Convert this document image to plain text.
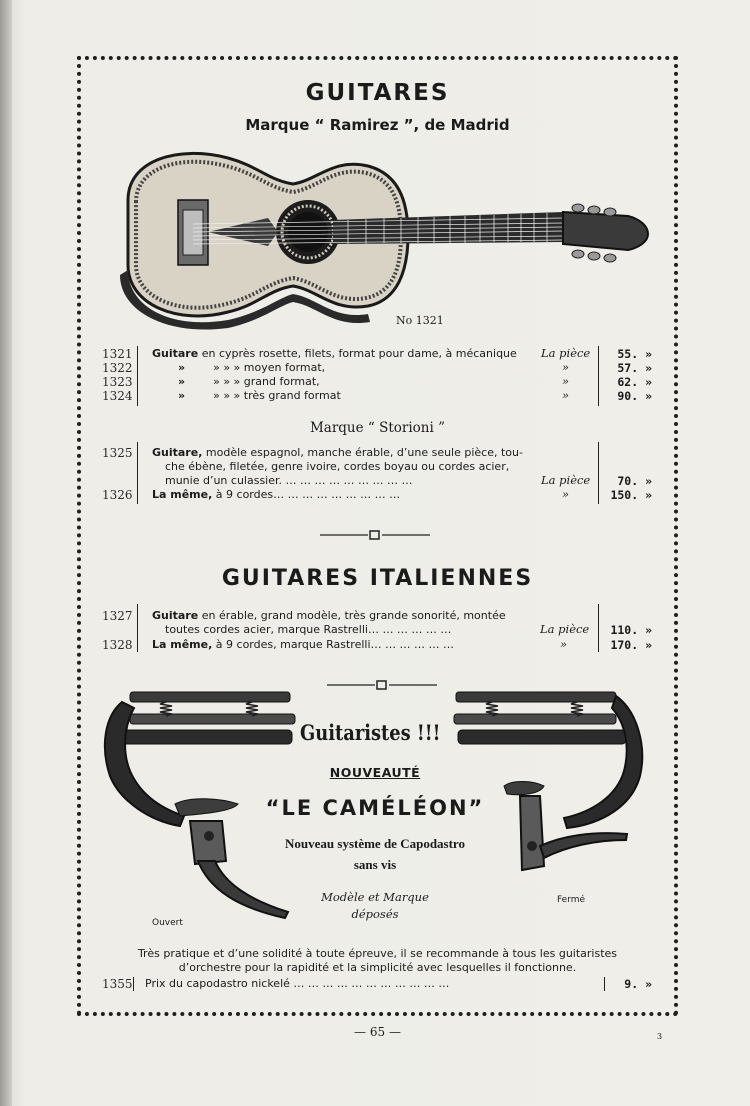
GUITARES
Marque “ Ramirez ”, de Madrid
No 1321
1321 Guitare en cyprès rosette, filets, format pour dame, à mécanique La pièce	55. »
1322	»	» » » moyen format,	»	57. »
1323	»	» » » grand format,	»	62. »
1324	»	» » » très grand format	»	90. »
Marque “ Storioni ”
1325 Guitare, modèle espagnol, manche érable, d’une seule pièce, tou-
che ébène, filetée, genre ivoire, cordes boyau ou cordes acier,
munie d’un culassier. … … … … … … … … …	La pièce	70. »
1326 La même, à 9 cordes… … … … … … … … …	»	150. »
GUITARES ITALIENNES
1327 Guitare en érable, grand modèle, très grande sonorité, montée
toutes cordes acier, marque Rastrelli… … … … … …	La pièce	110. »
1328 La même, à 9 cordes, marque Rastrelli… … … … … …	»	170. »
Guitaristes !!!
NOUVEAUTÉ
“LE CAMÉLÉON”
Nouveau système de Capodastro
sans vis
Modèle et Marque
déposés
Ouvert
Fermé
Très pratique et d’une solidité à toute épreuve, il se recommande à tous les guitaristes
d’orchestre pour la rapidité et la simplicité avec lesquelles il fonctionne.
1355 Prix du capodastro nickelé … … … … … … … … … … …	9. »
— 65 —	3
